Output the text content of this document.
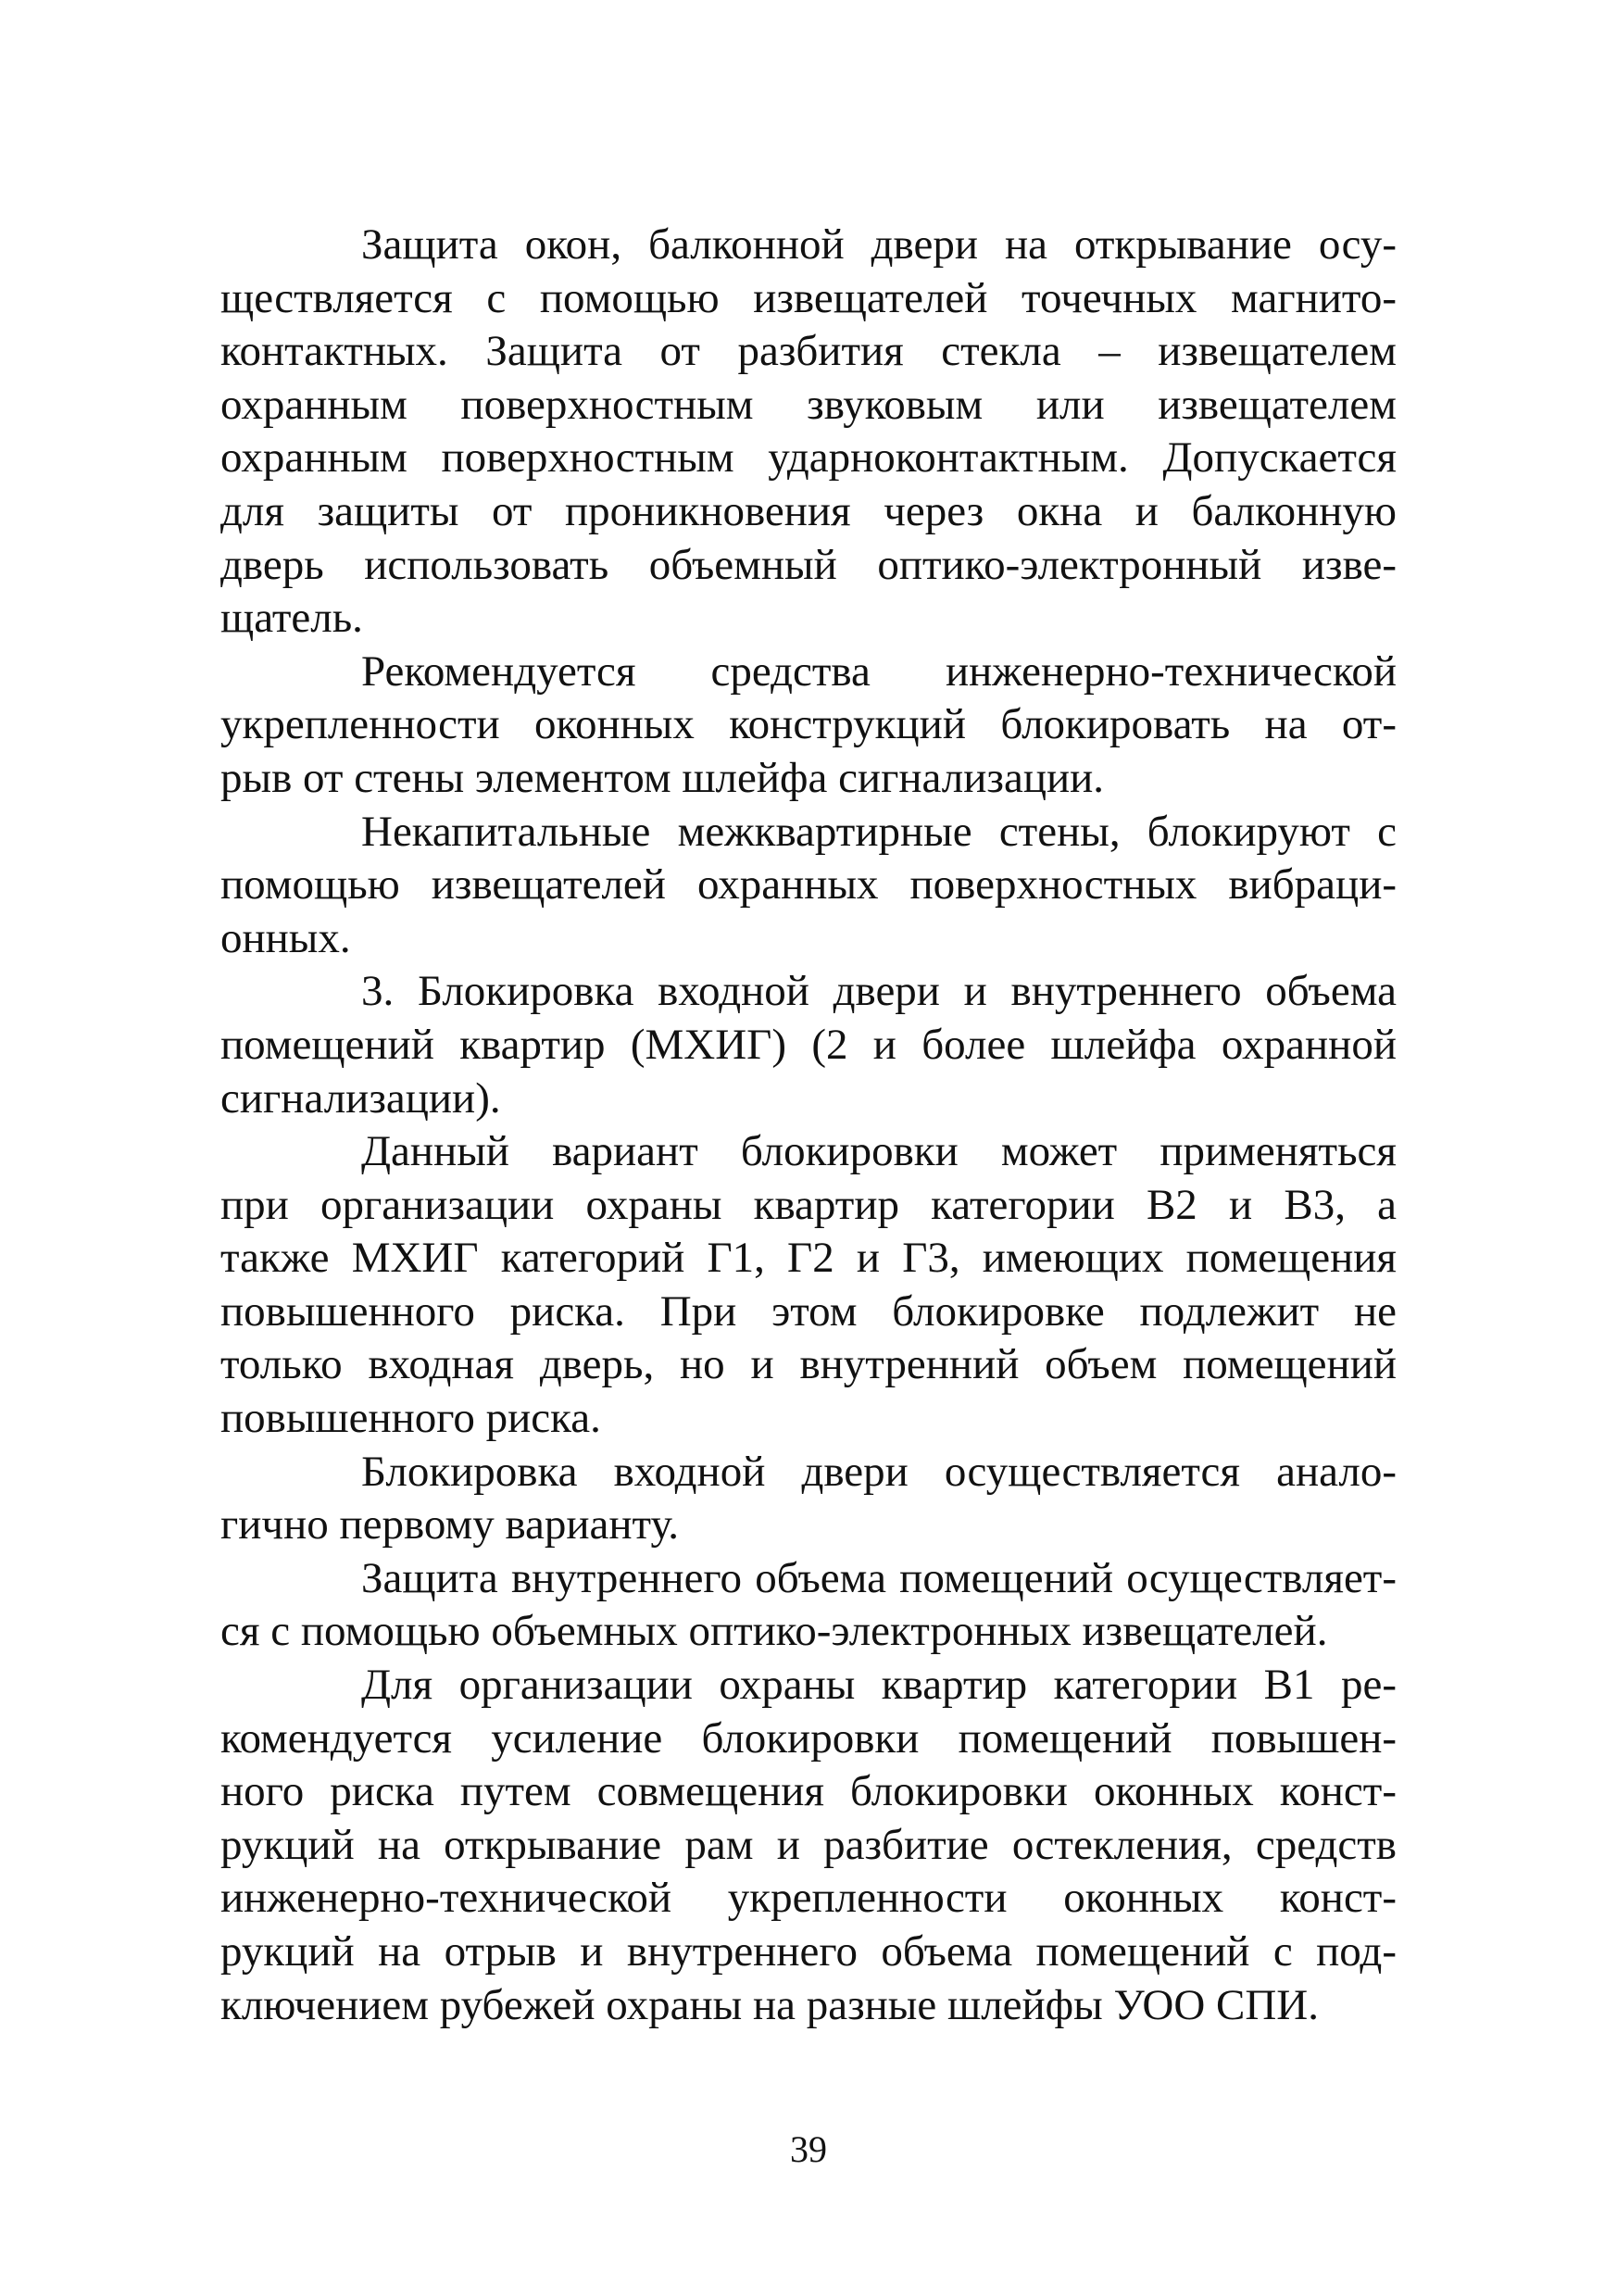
Защита окон, балконной двери на открывание осу-
ществляется с помощью извещателей точечных магнито-
контактных. Защита от разбития стекла – извещателем
охранным поверхностным звуковым или извещателем
охранным поверхностным ударноконтактным. Допускается
для защиты от проникновения через окна и балконную
дверь использовать объемный оптико-электронный изве-
щатель.
Рекомендуется средства инженерно-технической
укрепленности оконных конструкций блокировать на от-
рыв от стены элементом шлейфа сигнализации.
Некапитальные межквартирные стены, блокируют с
помощью извещателей охранных поверхностных вибраци-
онных.
3. Блокировка входной двери и внутреннего объема
помещений квартир (МХИГ) (2 и более шлейфа охранной
сигнализации).
Данный вариант блокировки может применяться
при организации охраны квартир категории В2 и В3, а
также МХИГ категорий Г1, Г2 и Г3, имеющих помещения
повышенного риска. При этом блокировке подлежит не
только входная дверь, но и внутренний объем помещений
повышенного риска.
Блокировка входной двери осуществляется анало-
гично первому варианту.
Защита внутреннего объема помещений осуществляет-
ся с помощью объемных оптико-электронных извещателей.
Для организации охраны квартир категории В1 ре-
комендуется усиление блокировки помещений повышен-
ного риска путем совмещения блокировки оконных конст-
рукций на открывание рам и разбитие остекления, средств
инженерно-технической укрепленности оконных конст-
рукций на отрыв и внутреннего объема помещений с под-
ключением рубежей охраны на разные шлейфы УОО СПИ.
39
